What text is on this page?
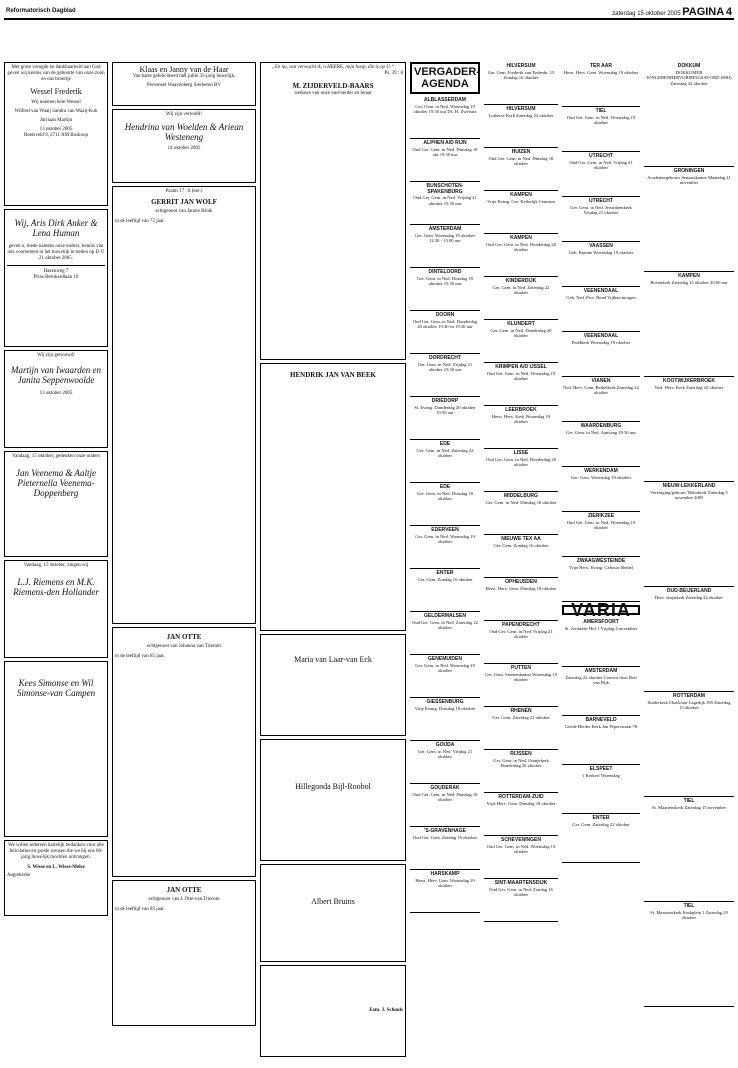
Reformatorisch Dagblad	zaterdag 15 oktober 2005 PAGINA 4
Met grote vreugde en dankbaarheid aan God geven wij kennis van de geboorte van onze zoon en ons broertje
Wessel Frederik
Wij noemen hem Wessel
Wilfred van Waaij Sandra van Waaij-Kok
Jurriaan Martijn
13 oktober 2005
Roetsveld 9, 2711 AM Boskoop
Wij, Aris Dirk Anker & Lena Human
geven u, mede namens onze ouders, kennis van ons voornemen in het huwelijk te treden op D.V. 21 oktober 2005.
Hazenweg 7
Prins Bernhardlaan 19
Wij zijn getrouwd!
Martijn van Iwaarden en Janita Seppenwoolde
13 oktober 2005
Vandaag, 15 oktober, gedenken onze ouders
Jan Veenema & Aaltje Pieternella Veenema-Doppenberg
Vandaag, 15 oktober, zingen wij
L.J. Riemens en M.K. Riemens-den Hollander
Kees Simonse en Wil Simonse-van Campen
We willen iedereen hartelijk bedanken voor alle felicitaties en goede wensen die we bij ons 60-jarig huwelijk mochten ontvangen.
S. Wisse en L. Wisse-Melse
Aagtekerke
Klaas en Janny van de Haar
Van harte gefeliciteerd met jullie 35-jarig huwelijk.
Personeel Waayenberg Sierbeton BV
Wij zijn verloofd!
Hendrina van Woelden & Ariean Westeneng
14 oktober 2005
Psalm 17 : 8 (ber.)
GERRIT JAN WOLF
echtgenoot van Jannie Brink
in de leeftijd van 72 jaar.
JAN OTTE
echtgenoot van Johanna van Trierum
in de leeftijd van 85 jaar.
JAN OTTE
echtgenoot van J. Otte-van Trierum
in de leeftijd van 85 jaar.
„En nu, wat verwacht ik, o HEERE, mijn hoop, die is op U.“
Ps. 39 : 8
M. ZIJDERVELD-BAARS
weduwe van onze oud-herder en leraar
HENDRIK JAN VAN BEEK
Maria van Laar-van Eck
Hillegonda Bijl-Roobol
Albert Bruins
Fam. J. Schouls
VERGADER-AGENDA
ALBLASSERDAM
Ger. Gem. in Ned. Woensdag 19 oktober 19.30 uur Ds. H. Zweistra
ALPHEN A/D RIJN
Oud Ger. Gem. in Ned. Dinsdag 18 okt 19.30 uur
BUNSCHOTEN-SPAKENBURG
Oud Ger. Gem. in Ned. Vrijdag 21 oktober 19.30 uur
AMSTERDAM
Ger. Gem. Woensdag 19 oktober 12.30 - 13.00 uur
DINTELOORD
Ger. Gem. in Ned. Dinsdag 18 oktober 19.30 uur
DOORN
Oud Ger. Gem. in Ned. Donderdag 20 oktober 19.30 en 19.30 uur
DORDRECHT
Ger. Gem. in Ned. Vrijdag 21 oktober 19.30 uur
DRIEDORP
St. Evang. Donderdag 20 oktober 19.30 uur
EDE
Ger. Gem. in Ned. Zaterdag 22 oktober
EDE
Ger. Gem. in Ned. Dinsdag 18 oktober
EDERVEEN
Ger. Gem. in Ned. Woensdag 19 oktober
ENTER
Ger. Gem. Zondag 16 oktober
GELDERMALSEN
Oud Ger. Gem. in Ned. Zaterdag 22 oktober
GENEMUIDEN
Ger. Gem. in Ned. Woensdag 19 oktober
GIESSENBURG
Vrije Evang. Dinsdag 18 oktober
GOUDA
Ger. Gem. in Ned. Vrijdag 21 oktober
GOUDERAK
Oud Ger. Gem. in Ned. Dinsdag 18 oktober
'S-GRAVENHAGE
Oud Ger. Gem. Zondag 16 oktober
HARSKAMP
Herst. Herv. Gem. Woensdag 19 oktober
HILVERSUM
Ger. Gem. Frederik van Eedenln. 15 Zondag 16 oktober
HILVERSUM
Lutherse Kerk Zaterdag 22 oktober
HUIZEN
Oud Ger. Gem. in Ned. Dinsdag 18 oktober
KAMPEN
Vrije Evang. Ger. Kerkelijk Centrum
KAMPEN
Oud Ger. Gem. in Ned. Donderdag 20 oktober
KINDERDIJK
Ger. Gem. in Ned. Zaterdag 22 oktober
KLUNDERT
Ger. Gem. in Ned. Donderdag 20 oktober
KRIMPEN A/D IJSSEL
Oud Ger. Gem. in Ned. Woensdag 19 oktober
LEERBROEK
Herst. Herv. Kerk Woensdag 19 oktober
LISSE
Oud Ger. Gem. in Ned. Donderdag 20 oktober
MIDDELBURG
Ger. Gem. in Ned. Dinsdag 18 oktober
NIEUWE TEX AA
Ger. Gem. Zondag 16 oktober
OPHEUSDEN
Herst. Herv. Gem. Dinsdag 18 oktober
PAPENDRECHT
Oud Ger. Gem. in Ned. Vrijdag 21 oktober
PUTTEN
Ger. Gem. Steenenkamer Woensdag 19 oktober
RHENEN
Ger. Gem. Zaterdag 22 oktober
RIJSSEN
Ger. Gem. in Ned. Oranjekerk Donderdag 20 oktober
ROTTERDAM-ZUID
Vrije Herv. Gem. Dinsdag 18 oktober
SCHEVENINGEN
Oud Ger. Gem. in Ned. Woensdag 19 oktober
SINT-MAARTENSDIJK
Oud Ger. Gem. in Ned. Zondag 16 oktober
TER AAR
Herst. Herv. Gem. Woensdag 19 oktober
TIEL
Oud Ger. Gem. in Ned. Woensdag 19 oktober
UTRECHT
Oud Ger. Gem. in Ned. Vrijdag 21 oktober
UTRECHT
Ger. Gem. in Ned. Jeruzalemkerk Vrijdag 21 oktober
VAASSEN
Geb. Ruimte Woensdag 19 oktober
VEENENDAAL
Geb. Ned. Prot. Bond Vijlhan morgen
VEENENDAAL
Pniëlkerk Woensdag 19 oktober
VIANEN
Ned. Herv. Gem. Bethelkerk Zaterdag 22 oktober
WAARDENBURG
Ger. Gem. in Ned. Aanvang 19.30 uur
WERKENDAM
Ger. Gem. Woensdag 19 oktober
ZIERIKZEE
Oud Ger. Gem. in Ned. Woensdag 19 oktober
ZWAAGWESTEINDE
Vrije Herv. Evang. Gebouw Bethel
VARIA
AMERSFOORT
St. Joriskerk Hof 1 Vrijdag 4 november
AMSTERDAM
Zaterdag 22 oktober Concert door Rob van Dijk
BARNEVELD
Goede Herder Kerk Jan Pepersstraat 78
ELSPEET
't Kerkerf Woensdag
ENTER
Ger. Gem. Zaterdag 22 oktober
DOKKUM
DOKKUMER JONGERENHERVORMINGSAVOND (RBJ) Zaterdag 22 oktober
GRONINGEN
Academiegebouw Senaatskamer Maandag 21 november
KAMPEN
Bovenkerk Zaterdag 15 oktober 20.00 uur
KOOTWIJKERBROEK
Ned. Herv. Kerk Zaterdag 22 oktober
NIEUW-LEKKERLAND
Vereniging/gebouw 'Rehoboth' Zaterdag 5 november 2005
OUD-BEIJERLAND
Herv. dorpskerk Zaterdag 22 oktober
ROTTERDAM
Zuiderkerk Charlouse Lagedijk 395 Zaterdag 15 oktober
TIEL
St. Maartenskerk Zaterdag 15 november
TIEL
St. Maartenskerk Kerkplein 1 Zaterdag 29 oktober
